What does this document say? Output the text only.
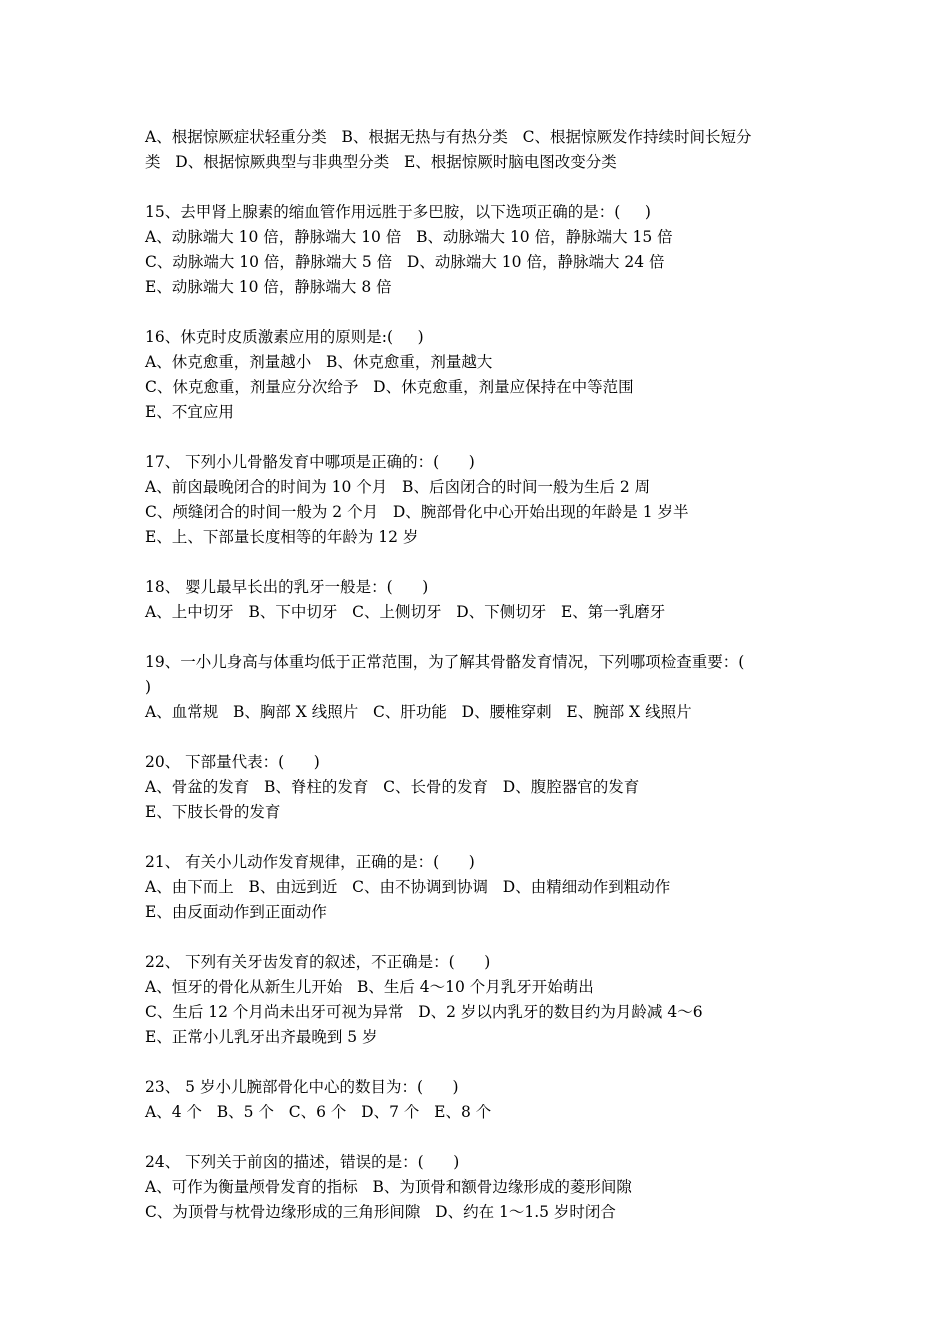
A、根据惊厥症状轻重分类   B、根据无热与有热分类   C、根据惊厥发作持续时间长短分
类   D、根据惊厥典型与非典型分类   E、根据惊厥时脑电图改变分类
15、去甲肾上腺素的缩血管作用远胜于多巴胺，以下选项正确的是：(     )
A、动脉端大 10 倍，静脉端大 10 倍   B、动脉端大 10 倍，静脉端大 15 倍
C、动脉端大 10 倍，静脉端大 5 倍   D、动脉端大 10 倍，静脉端大 24 倍
E、动脉端大 10 倍，静脉端大 8 倍
16、休克时皮质激素应用的原则是:(     )
A、休克愈重，剂量越小   B、休克愈重，剂量越大
C、休克愈重，剂量应分次给予   D、休克愈重，剂量应保持在中等范围
E、不宜应用
17、 下列小儿骨骼发育中哪项是正确的：(      )
A、前囟最晚闭合的时间为 10 个月   B、后囟闭合的时间一般为生后 2 周
C、颅缝闭合的时间一般为 2 个月   D、腕部骨化中心开始出现的年龄是 1 岁半
E、上、下部量长度相等的年龄为 12 岁
18、 婴儿最早长出的乳牙一般是：(      )
A、上中切牙   B、下中切牙   C、上侧切牙   D、下侧切牙   E、第一乳磨牙
19、一小儿身高与体重均低于正常范围，为了解其骨骼发育情况，下列哪项检查重要：(
)
A、血常规   B、胸部 X 线照片   C、肝功能   D、腰椎穿刺   E、腕部 X 线照片
20、 下部量代表：(      )
A、骨盆的发育   B、脊柱的发育   C、长骨的发育   D、腹腔器官的发育
E、下肢长骨的发育
21、 有关小儿动作发育规律，正确的是：(      )
A、由下而上   B、由远到近   C、由不协调到协调   D、由精细动作到粗动作
E、由反面动作到正面动作
22、 下列有关牙齿发育的叙述，不正确是：(      )
A、恒牙的骨化从新生儿开始   B、生后 4～10 个月乳牙开始萌出
C、生后 12 个月尚未出牙可视为异常   D、2 岁以内乳牙的数目约为月龄减 4～6
E、正常小儿乳牙出齐最晚到 5 岁
23、 5 岁小儿腕部骨化中心的数目为：(      )
A、4 个   B、5 个   C、6 个   D、7 个   E、8 个
24、 下列关于前囟的描述，错误的是：(      )
A、可作为衡量颅骨发育的指标   B、为顶骨和额骨边缘形成的菱形间隙
C、为顶骨与枕骨边缘形成的三角形间隙   D、约在 1～1.5 岁时闭合
